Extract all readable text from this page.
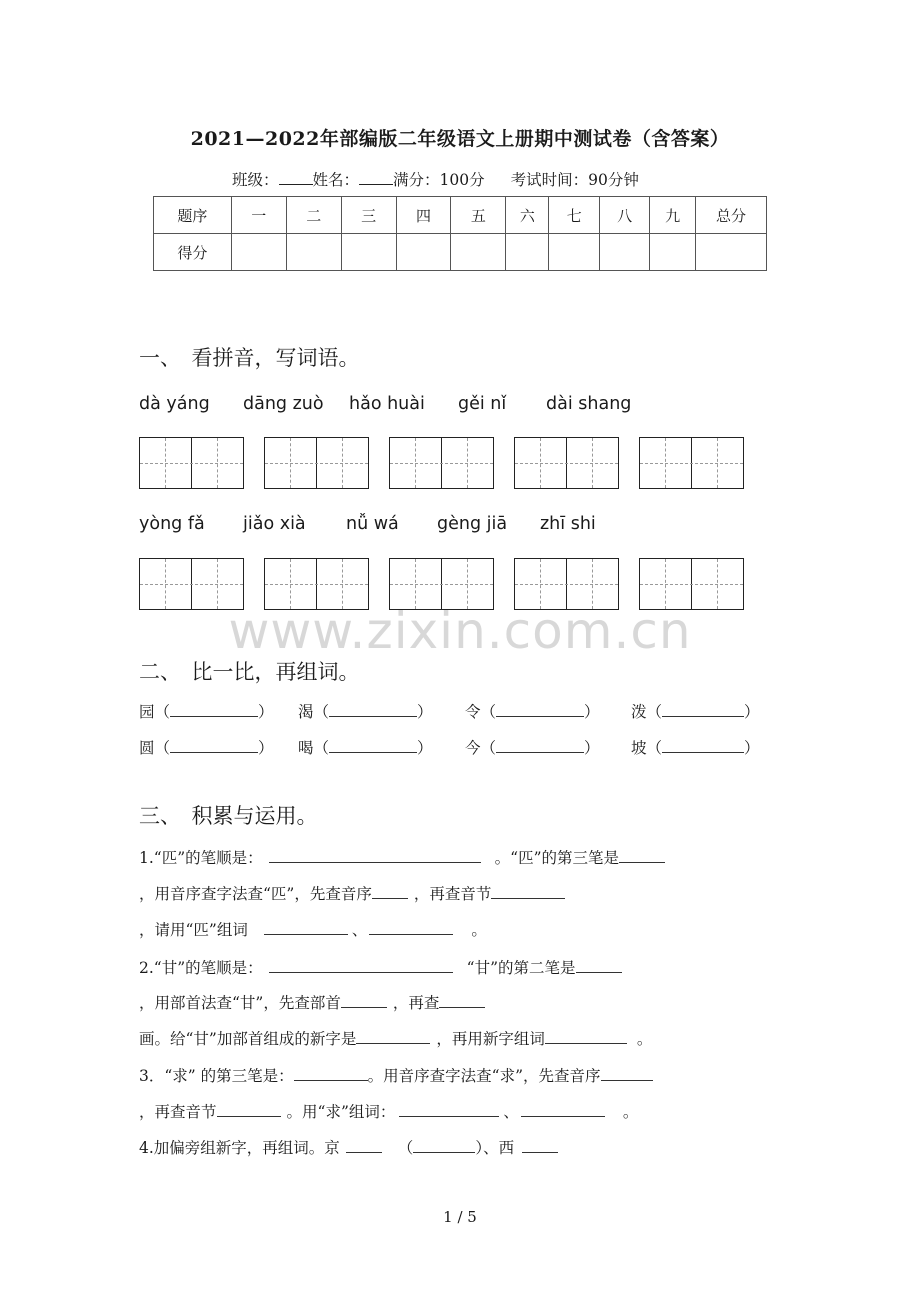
2021—2022年部编版二年级语文上册期中测试卷（含答案）
班级： 姓名： 满分：100分 考试时间：90分钟
题序	一	二	三	四	五	六	七	八	九	总分
得分										
一、　看拼音，写词语。
dà yáng dāng zuò hǎo huài gěi nǐ dài shang
yòng fǎ jiǎo xià nǚ wá gèng jiā zhī shi
www.zixin.com.cn
二、　比一比，再组词。
园（	） 渴（	） 令（	） 泼（	）
圆（	） 喝（	） 今（	） 坡（	）
三、　积累与运用。
1.“匹”的笔顺是：	。“匹”的第三笔是
，用音序查字法查“匹”，先查音序	，再查音节
，请用“匹”组词	、	。
2.“甘”的笔顺是：	“甘”的第二笔是
，用部首法查“甘”，先查部首	，再查
画。给“甘”加部首组成的新字是	，再用新字组词	。
3．“求” 的第三笔是：	。用音序查字法查“求”，先查音序
，再查音节	。用“求”组词：	、	。
4.加偏旁组新字，再组词。京	（	）、西
1 / 5
